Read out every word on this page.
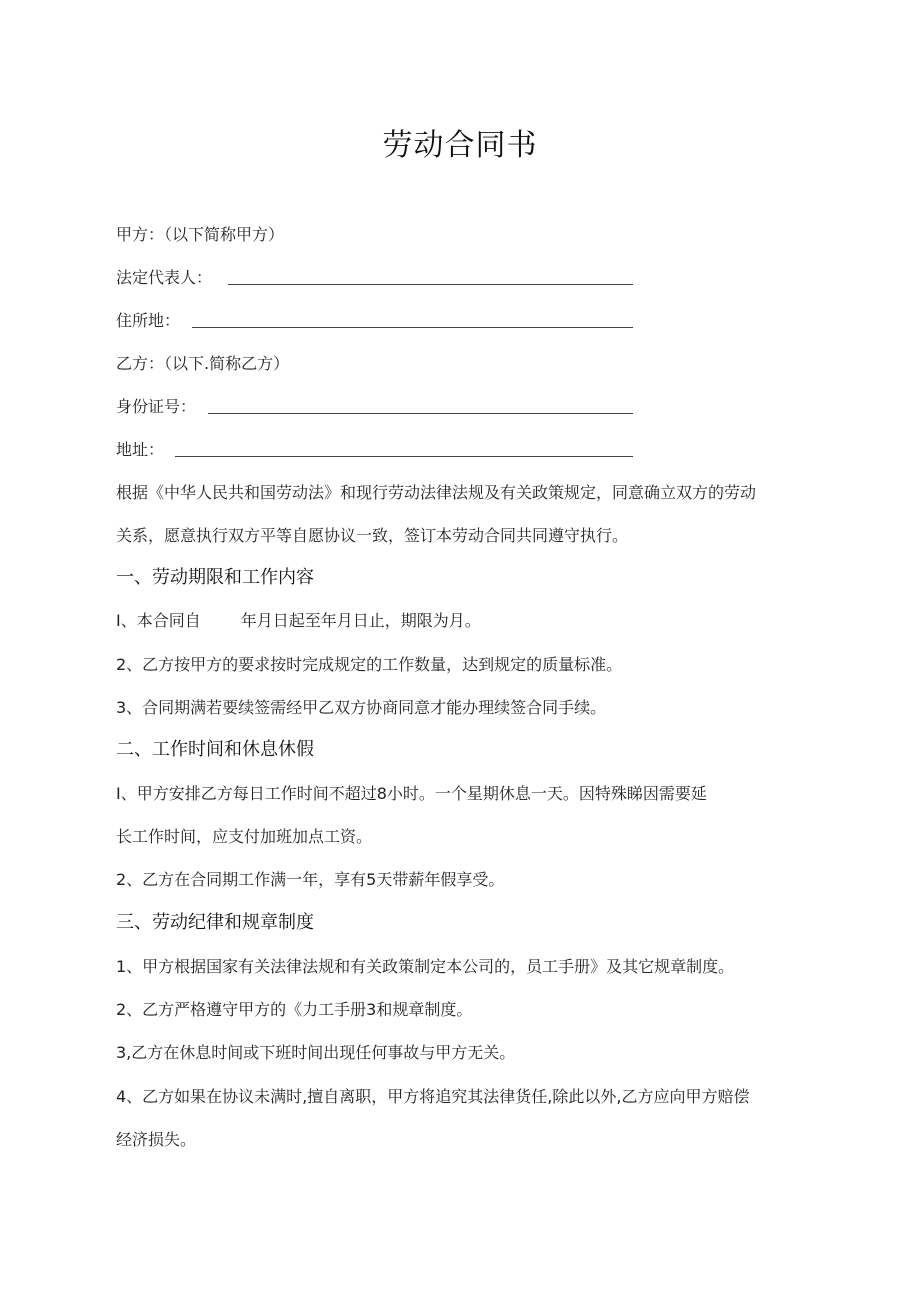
劳动合同书
甲方：（以下简称甲方）
法定代表人：
住所地：
乙方：（以下.简称乙方）
身份证号：
地址：
根据《中华人民共和国劳动法》和现行劳动法律法规及有关政策规定，同意确立双方的劳动
关系，愿意执行双方平等自愿协议一致，签订本劳动合同共同遵守执行。
一、劳动期限和工作内容
I、本合同自	年月日起至年月日止，期限为月。
2、乙方按甲方的要求按时完成规定的工作数量，达到规定的质量标准。
3、合同期满若要续签需经甲乙双方协商同意才能办理续签合同手续。
二、工作时间和休息休假
I、甲方安排乙方每日工作时间不超过8小时。一个星期休息一天。因特殊睇因需要延
长工作时间，应支付加班加点工资。
2、乙方在合同期工作满一年，享有5天带薪年假享受。
三、劳动纪律和规章制度
1、甲方根据国家有关法律法规和有关政策制定本公司的，员工手册》及其它规章制度。
2、乙方严格遵守甲方的《力工手册3和规章制度。
3,乙方在休息时间或下班时间出现任何事故与甲方无关。
4、乙方如果在协议未满时,擅自离职，甲方将追究其法律货任,除此以外,乙方应向甲方赔偿
经济损失。
